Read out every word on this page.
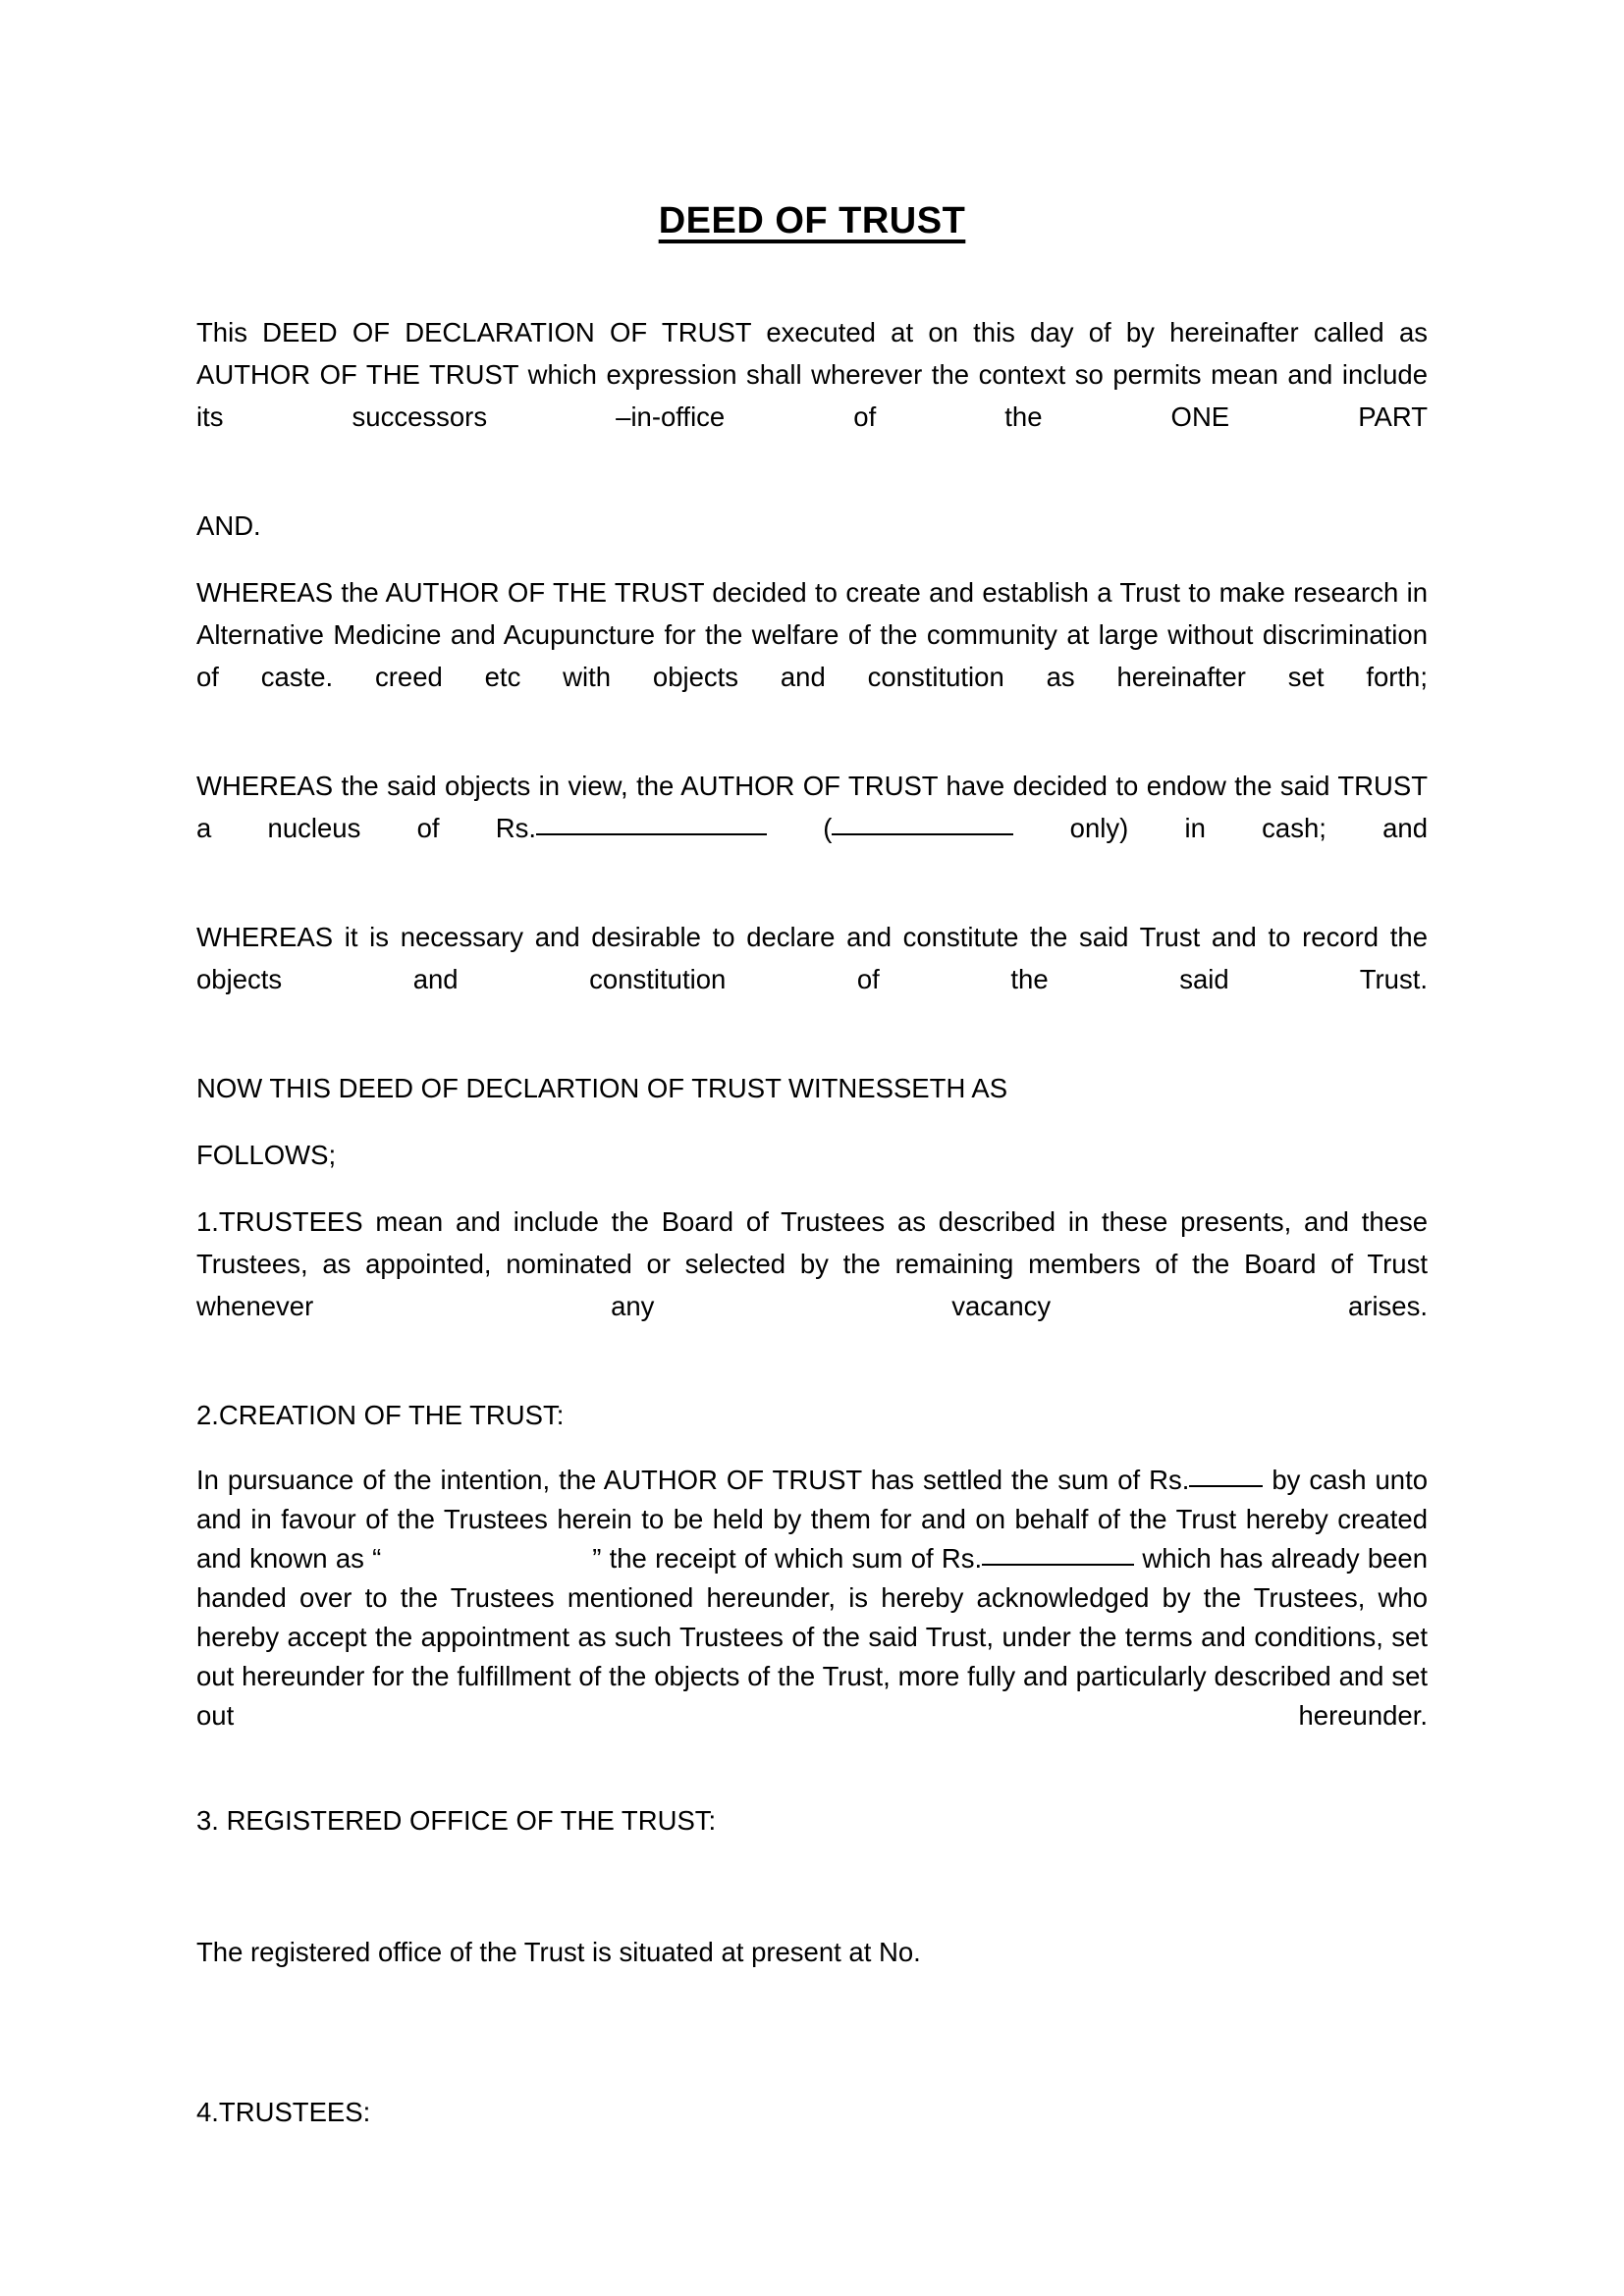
DEED OF TRUST

This DEED OF DECLARATION OF TRUST executed at on this day of by hereinafter called as AUTHOR OF THE TRUST which expression shall wherever the context so permits mean and include its successors –in-office of the ONE PART

AND.

WHEREAS the AUTHOR OF THE TRUST decided to create and establish a Trust to make research in Alternative Medicine and Acupuncture for the welfare of the community at large without discrimination of caste. creed etc with objects and constitution as hereinafter set forth;

WHEREAS the said objects in view, the AUTHOR OF TRUST have decided to endow the said TRUST a nucleus of Rs.	(	only) in cash; and

WHEREAS it is necessary and desirable to declare and constitute the said Trust and to record the objects and constitution of the said Trust.

NOW THIS DEED OF DECLARTION OF TRUST WITNESSETH AS

FOLLOWS;

1.TRUSTEES mean and include the Board of Trustees as described in these presents, and these Trustees, as appointed, nominated or selected by the remaining members of the Board of Trust whenever any vacancy arises.

2.CREATION OF THE TRUST:

In pursuance of the intention, the AUTHOR OF TRUST has settled the sum of Rs.	by cash unto and in favour of the Trustees herein to be held by them for and on behalf of the Trust hereby created and known as “	” the receipt of which sum of Rs.	which has already been handed over to the Trustees mentioned hereunder, is hereby acknowledged by the Trustees, who hereby accept the appointment as such Trustees of the said Trust, under the terms and conditions, set out hereunder for the fulfillment of the objects of the Trust, more fully and particularly described and set out hereunder.

3. REGISTERED OFFICE OF THE TRUST:

The registered office of the Trust is situated at present at No.

4.TRUSTEES:
